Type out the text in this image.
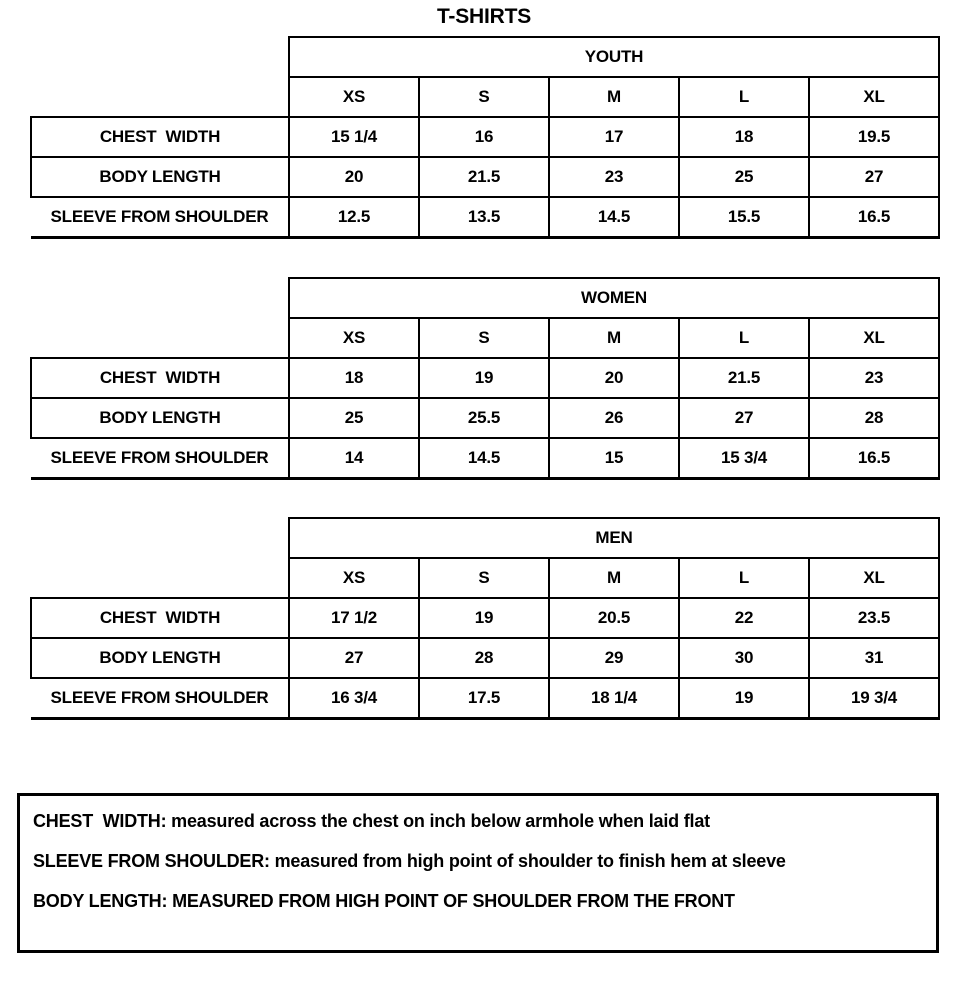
T-SHIRTS
	YOUTH				
	XS	S	M	L	XL
CHEST  WIDTH	15 1/4	16	17	18	19.5
BODY LENGTH	20	21.5	23	25	27
SLEEVE FROM SHOULDER	12.5	13.5	14.5	15.5	16.5
	WOMEN				
	XS	S	M	L	XL
CHEST  WIDTH	18	19	20	21.5	23
BODY LENGTH	25	25.5	26	27	28
SLEEVE FROM SHOULDER	14	14.5	15	15 3/4	16.5
	MEN				
	XS	S	M	L	XL
CHEST  WIDTH	17 1/2	19	20.5	22	23.5
BODY LENGTH	27	28	29	30	31
SLEEVE FROM SHOULDER	16 3/4	17.5	18 1/4	19	19 3/4
CHEST  WIDTH: measured across the chest on inch below armhole when laid flat
SLEEVE FROM SHOULDER: measured from high point of shoulder to finish hem at sleeve
BODY LENGTH: MEASURED FROM HIGH POINT OF SHOULDER FROM THE FRONT
